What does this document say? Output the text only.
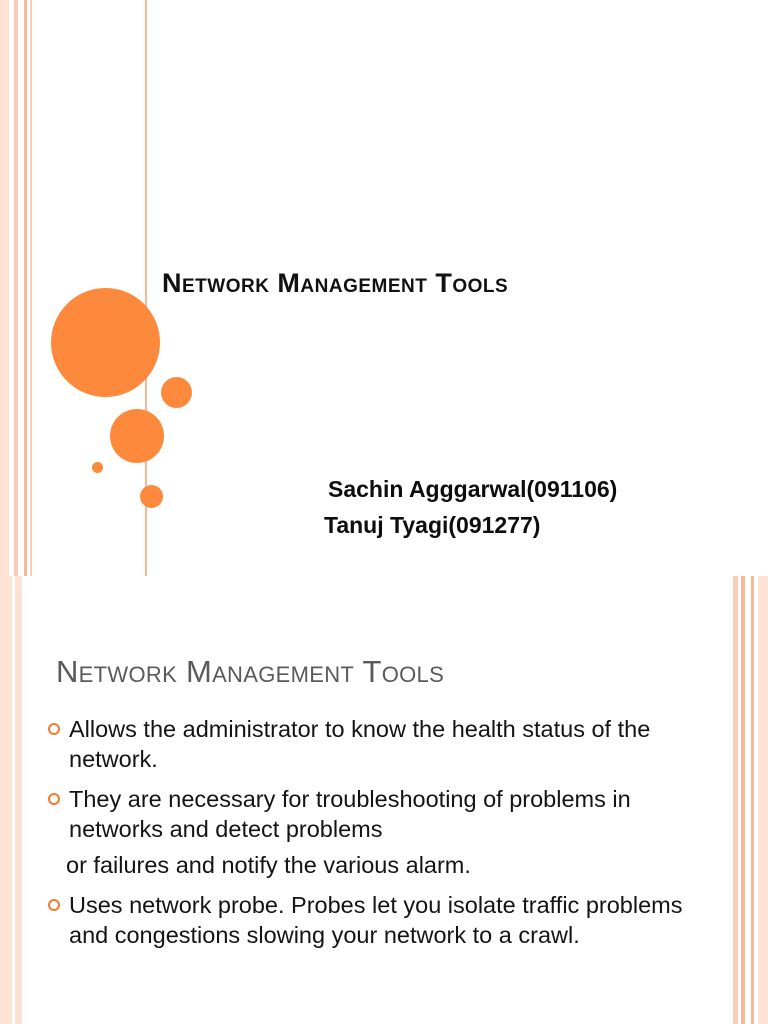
Network Management Tools
Sachin Agggarwal(091106)
Tanuj Tyagi(091277)
Network Management Tools
Allows the administrator to know the health status of the network.
They are necessary for troubleshooting of problems in networks and detect problems
or failures and notify the various alarm.
Uses network probe. Probes let you isolate traffic problems and congestions slowing your network to a crawl.
